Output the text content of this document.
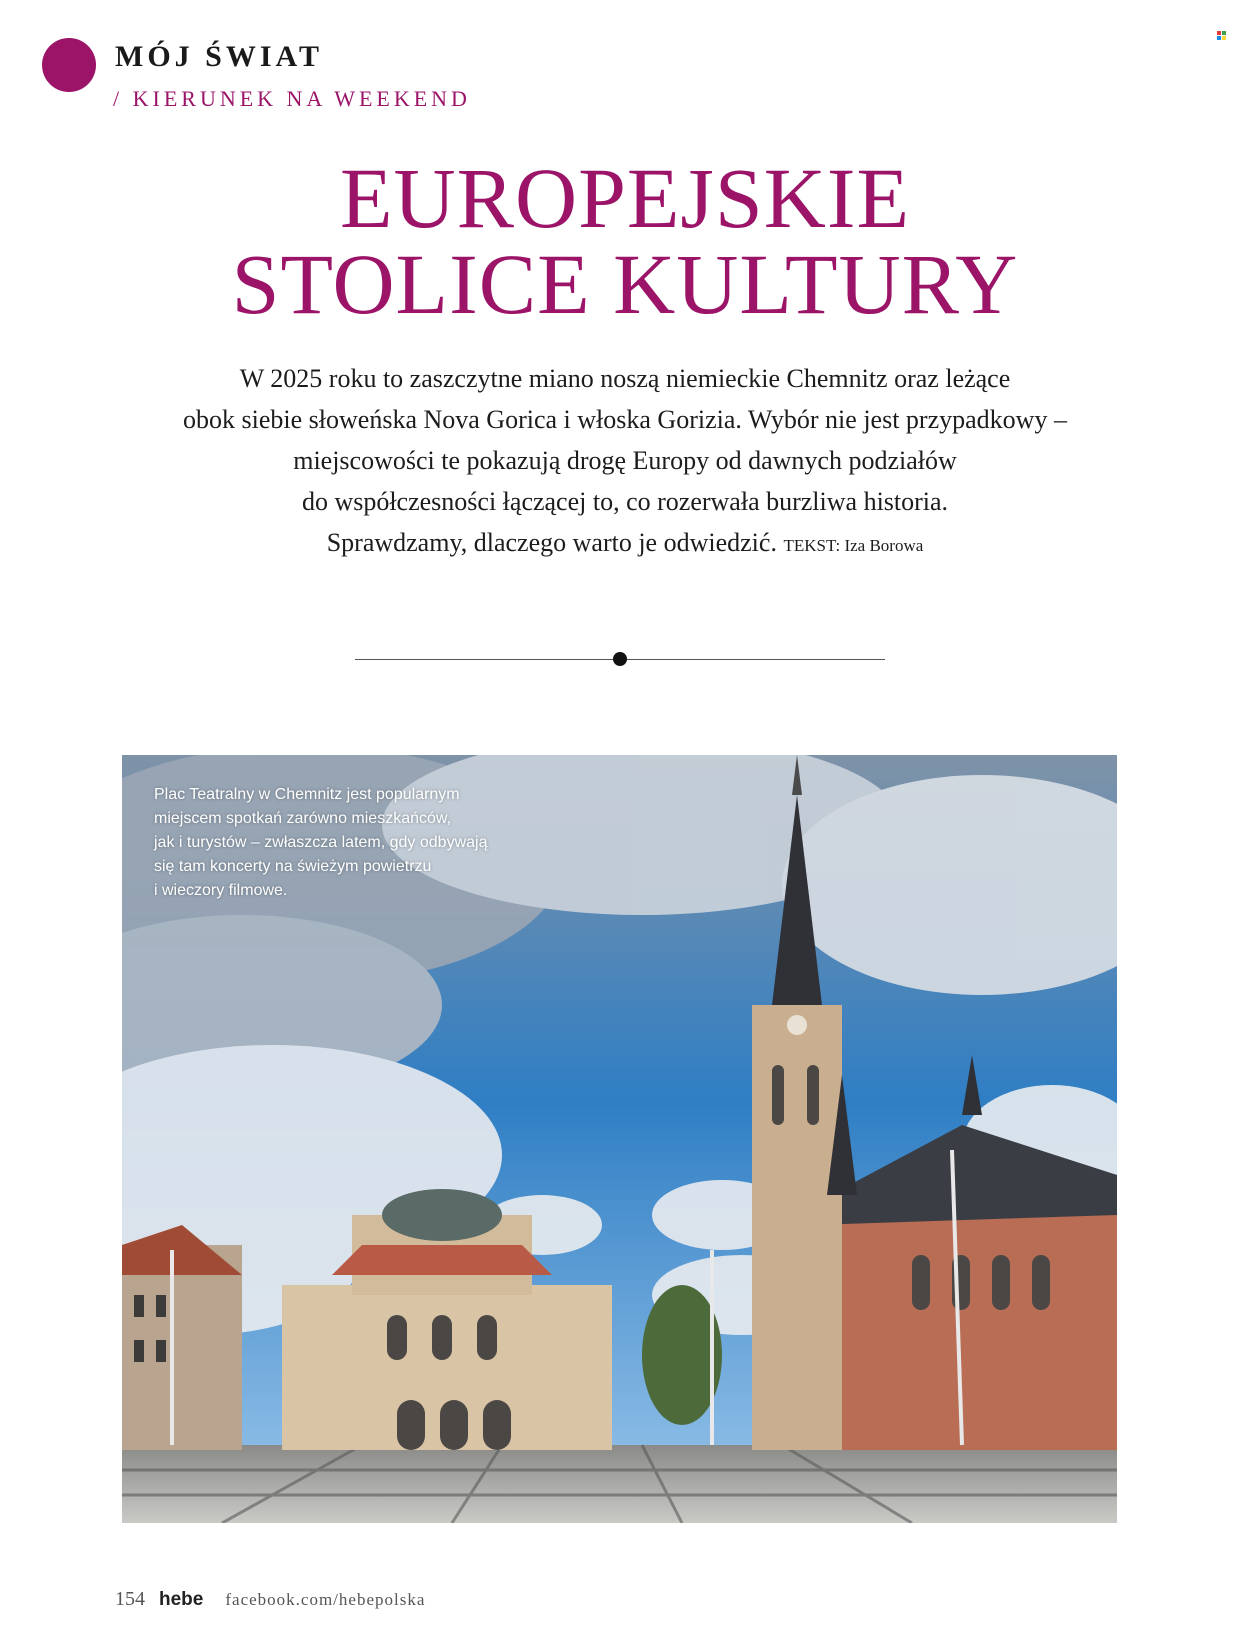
MÓJ ŚWIAT
/ KIERUNEK NA WEEKEND
EUROPEJSKIE
STOLICE KULTURY

W 2025 roku to zaszczytne miano noszą niemieckie Chemnitz oraz leżące

obok siebie słoweńska Nova Gorica i włoska Gorizia. Wybór nie jest przypadkowy –

miejscowości te pokazują drogę Europy od dawnych podziałów

do współczesności łączącej to, co rozerwała burzliwa historia.

Sprawdzamy, dlaczego warto je odwiedzić. TEKST: Iza Borowa

Plac Teatralny w Chemnitz jest popularnym
miejscem spotkań zarówno mieszkańców,
jak i turystów – zwłaszcza latem, gdy odbywają
się tam koncerty na świeżym powietrzu
i wieczory filmowe.
154 hebe facebook.com/hebepolska
